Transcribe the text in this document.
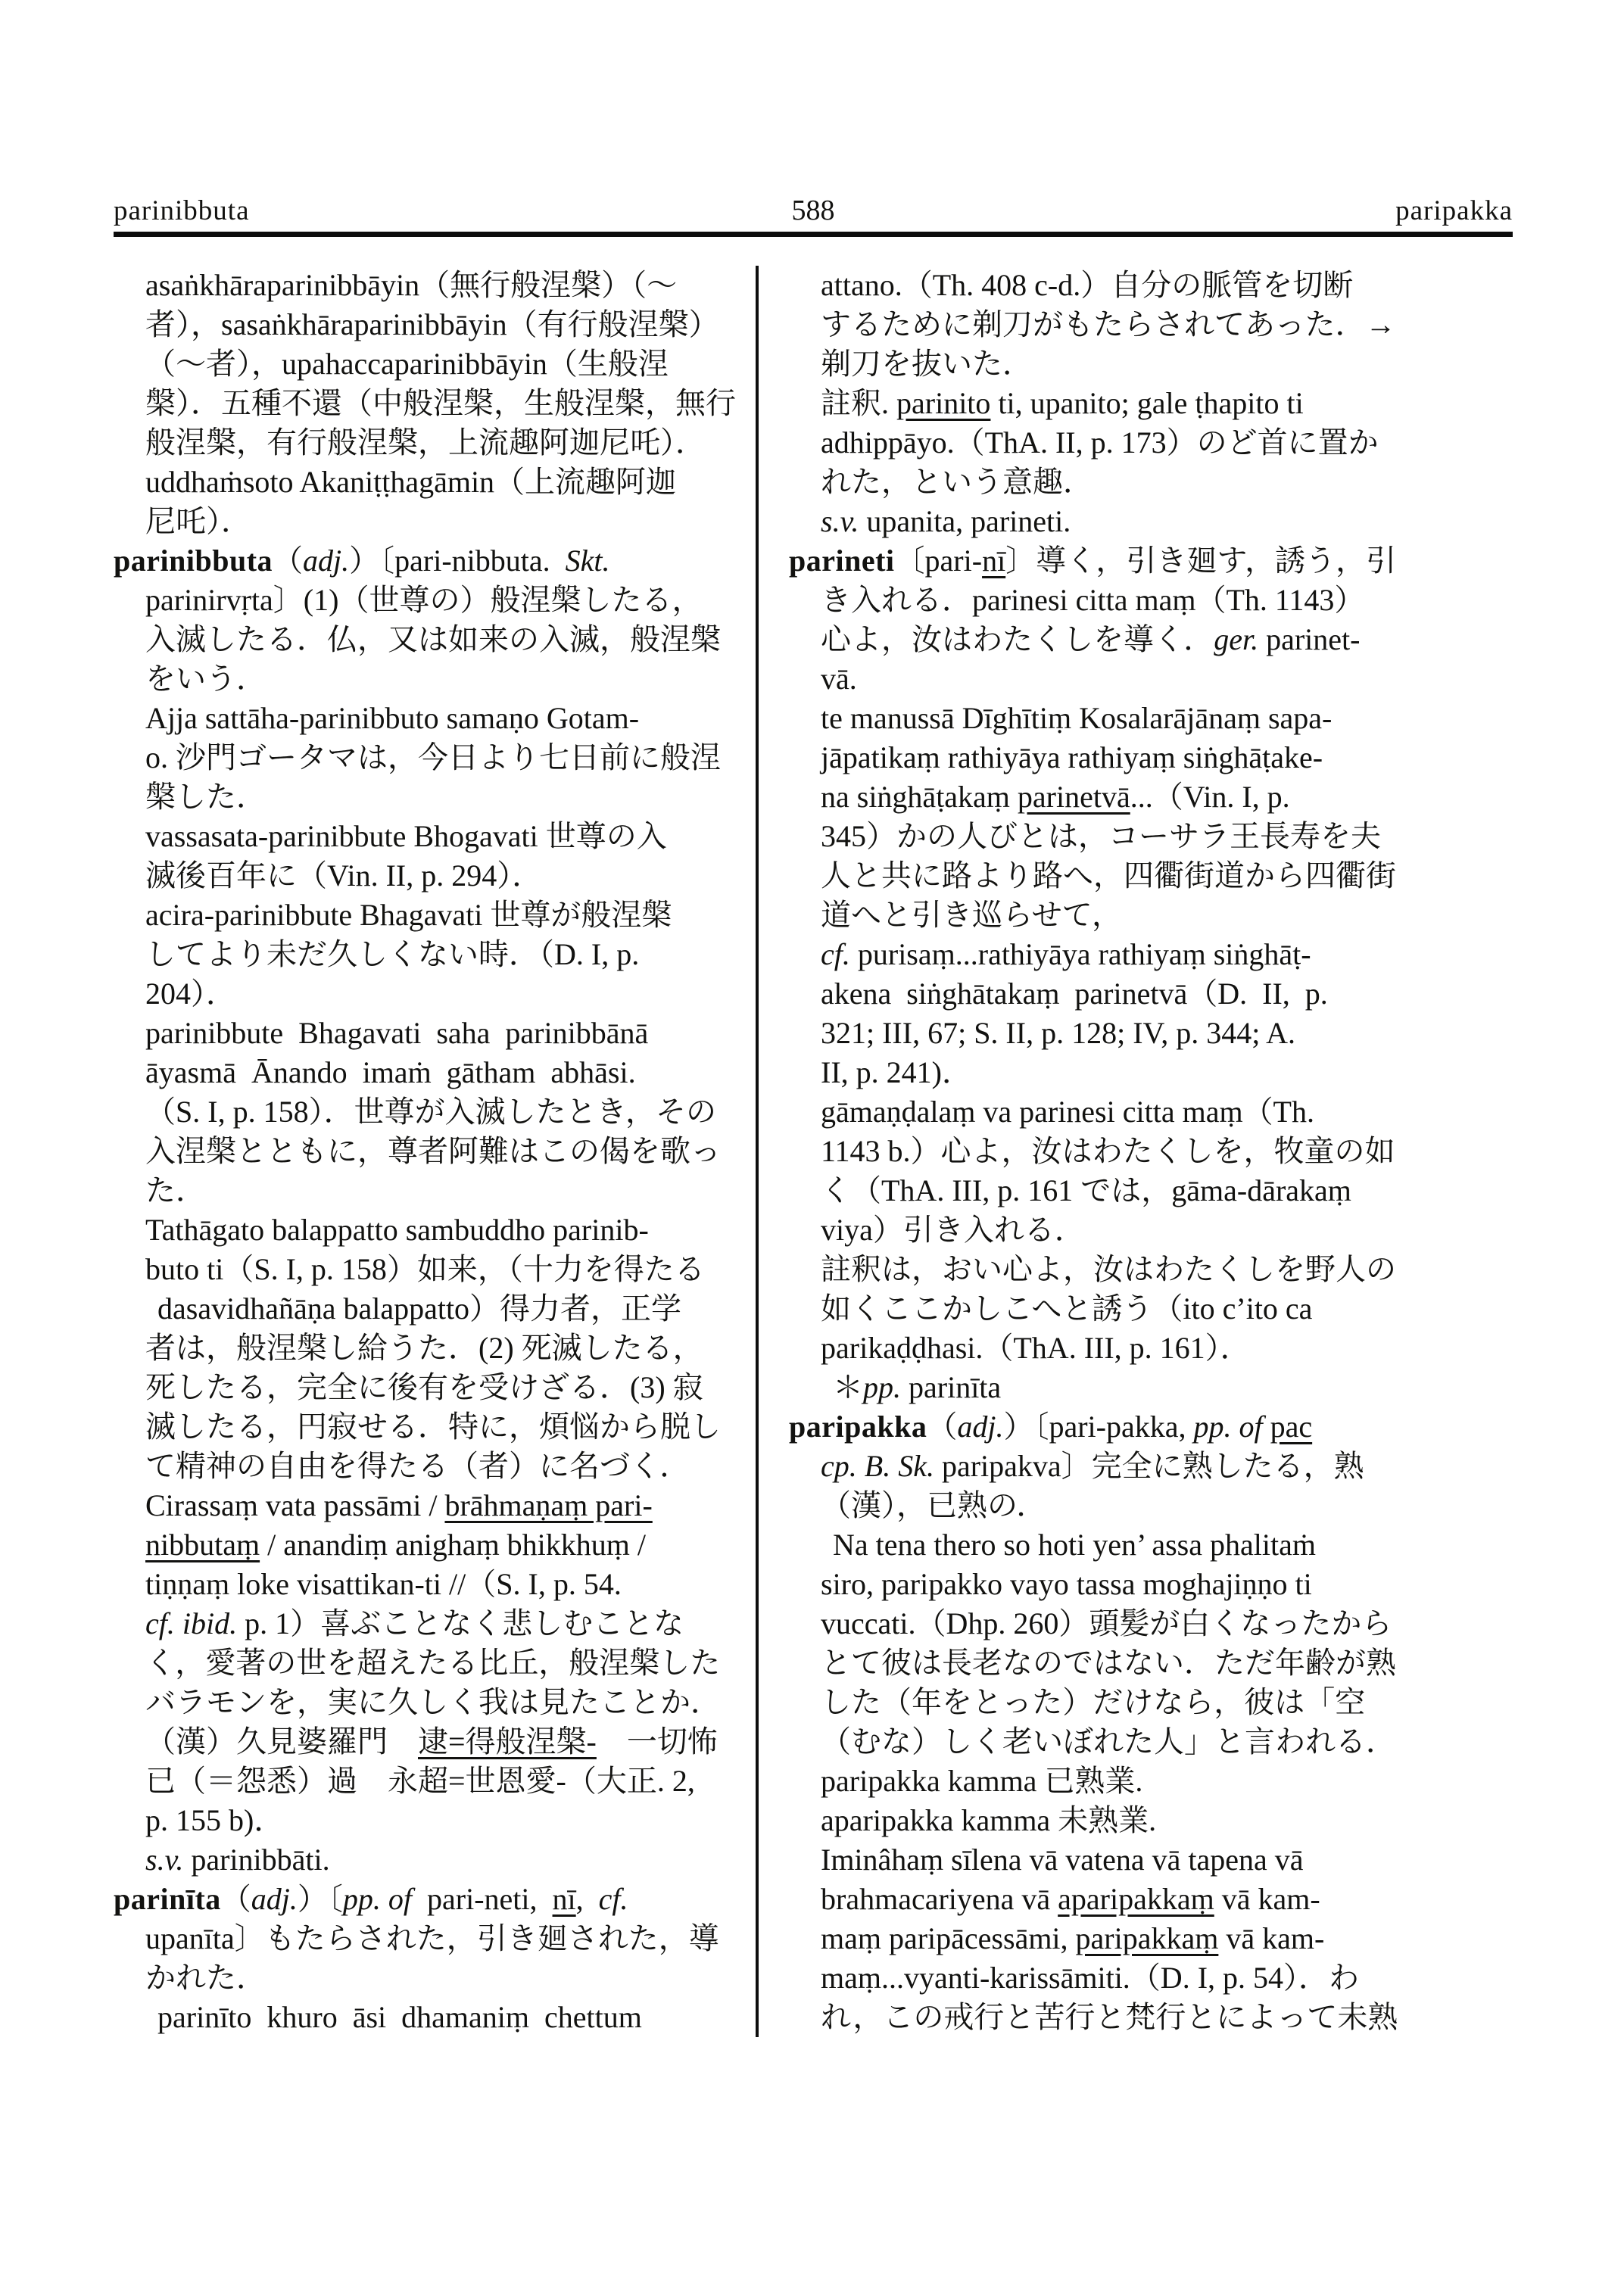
parinibbuta	588	paripakka
asaṅkhāraparinibbāyin（無行般涅槃）（～
者），sasaṅkhāraparinibbāyin（有行般涅槃）
（～者），upahaccaparinibbāyin（生般涅
槃）．五種不還（中般涅槃，生般涅槃，無行
般涅槃，有行般涅槃，上流趣阿迦尼吒）．
uddhaṁsoto Akaniṭṭhagāmin（上流趣阿迦
尼吒）．
parinibbuta（adj.）〔pari-nibbuta.  Skt.
parinirvṛta〕(1)（世尊の）般涅槃したる，
入滅したる．仏，又は如来の入滅，般涅槃
をいう．
Ajja sattāha-parinibbuto samaṇo Gotam-
o. 沙門ゴータマは，今日より七日前に般涅
槃した．
vassasata-parinibbute Bhogavati 世尊の入
滅後百年に（Vin. II, p. 294）．
acira-parinibbute Bhagavati 世尊が般涅槃
してより未だ久しくない時．（D. I, p.
204）．
parinibbute  Bhagavati  saha  parinibbānā
āyasmā  Ānando  imaṁ  gātham  abhāsi.
（S. I, p. 158）．世尊が入滅したとき，その
入涅槃とともに，尊者阿難はこの偈を歌っ
た．
Tathāgato balappatto sambuddho parinib-
buto ti（S. I, p. 158）如来，（十力を得たる
dasavidhañāṇa balappatto）得力者，正学
者は，般涅槃し給うた．(2) 死滅したる，
死したる，完全に後有を受けざる．(3) 寂
滅したる，円寂せる．特に，煩悩から脱し
て精神の自由を得たる（者）に名づく．
Cirassaṃ vata passāmi / brāhmaṇaṃ pari-
nibbutaṃ / anandiṃ anighaṃ bhikkhuṃ /
tiṇṇaṃ loke visattikan-ti //（S. I, p. 54.
cf. ibid. p. 1）喜ぶことなく悲しむことな
く，愛著の世を超えたる比丘，般涅槃した
バラモンを，実に久しく我は見たことか．
（漢）久見婆羅門　逮=得般涅槃-　一切怖
已（＝怨悉）過　永超=世恩愛-（大正. 2,
p. 155 b)．
s.v. parinibbāti.
parinīta（adj.）〔pp. of  pari-neti,  nī,  cf.
upanīta〕もたらされた，引き廻された，導
かれた．
parinīto  khuro  āsi  dhamaniṃ  chettum
attano.（Th. 408 c-d.）自分の脈管を切断
するために剃刀がもたらされてあった．→
剃刀を抜いた．
註釈. parinito ti, upanito; gale ṭhapito ti
adhippāyo.（ThA. II, p. 173）のど首に置か
れた，という意趣．
s.v. upanita, parineti.
parineti〔pari-nī〕導く，引き廻す，誘う，引
き入れる．parinesi citta maṃ（Th. 1143）
心よ，汝はわたくしを導く．ger. parinet-
vā.
te manussā Dīghītiṃ Kosalarājānaṃ sapa-
jāpatikaṃ rathiyāya rathiyaṃ siṅghāṭake-
na siṅghāṭakaṃ parinetvā...（Vin. I, p.
345）かの人びとは，コーサラ王長寿を夫
人と共に路より路へ，四衢街道から四衢街
道へと引き巡らせて，
cf. purisaṃ...rathiyāya rathiyaṃ siṅghāṭ-
akena  siṅghātakaṃ  parinetvā（D.  II,  p.
321; III, 67; S. II, p. 128; IV, p. 344; A.
II, p. 241)．
gāmaṇḍalaṃ va parinesi citta maṃ（Th.
1143 b.）心よ，汝はわたくしを，牧童の如
く（ThA. III, p. 161 では，gāma-dārakaṃ
viya）引き入れる．
註釈は，おい心よ，汝はわたくしを野人の
如くここかしこへと誘う（ito c’ito ca
parikaḍḍhasi.（ThA. III, p. 161）．
＊pp. parinīta
paripakka（adj.）〔pari-pakka, pp. of pac
cp. B. Sk. paripakva〕完全に熟したる，熟
（漢），已熟の．
Na tena thero so hoti yen’ assa phalitaṁ
siro, paripakko vayo tassa moghajiṇṇo ti
vuccati.（Dhp. 260）頭髪が白くなったから
とて彼は長老なのではない．ただ年齢が熟
した（年をとった）だけなら，彼は「空
（むな）しく老いぼれた人」と言われる．
paripakka kamma 已熟業.
aparipakka kamma 未熟業.
Iminâhaṃ sīlena vā vatena vā tapena vā
brahmacariyena vā aparipakkaṃ vā kam-
maṃ paripācessāmi, paripakkaṃ vā kam-
maṃ...vyanti-karissāmiti.（D. I, p. 54）．わ
れ，この戒行と苦行と梵行とによって未熟
